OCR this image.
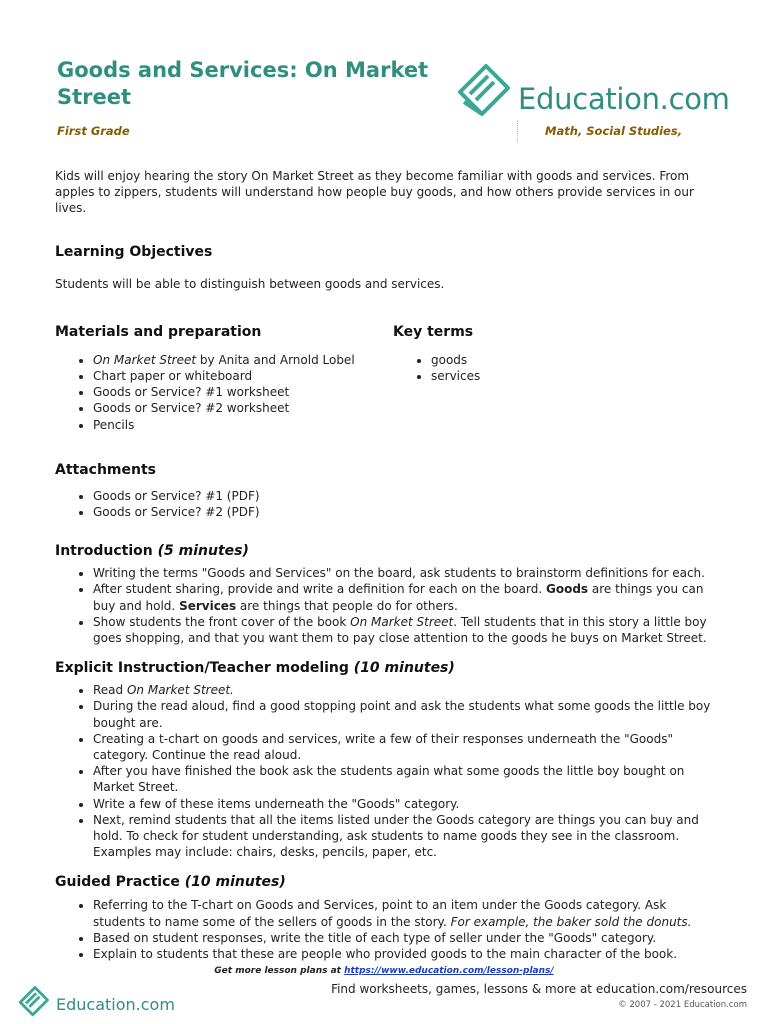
Goods and Services: On Market Street	Education.com
First Grade	Math, Social Studies,

Kids will enjoy hearing the story On Market Street as they become familiar with goods and services. From apples to zippers, students will understand how people buy goods, and how others provide services in our lives.

Learning Objectives

Students will be able to distinguish between goods and services.

Materials and preparation
• On Market Street by Anita and Arnold Lobel
• Chart paper or whiteboard
• Goods or Service? #1 worksheet
• Goods or Service? #2 worksheet
• Pencils
Key terms
• goods
• services
Attachments
• Goods or Service? #1 (PDF)
• Goods or Service? #2 (PDF)
Introduction (5 minutes)
• Writing the terms "Goods and Services" on the board, ask students to brainstorm definitions for each.
• After student sharing, provide and write a definition for each on the board. Goods are things you can buy and hold. Services are things that people do for others.
• Show students the front cover of the book On Market Street. Tell students that in this story a little boy goes shopping, and that you want them to pay close attention to the goods he buys on Market Street.
Explicit Instruction/Teacher modeling (10 minutes)
• Read On Market Street.
• During the read aloud, find a good stopping point and ask the students what some goods the little boy bought are.
• Creating a t-chart on goods and services, write a few of their responses underneath the "Goods" category. Continue the read aloud.
• After you have finished the book ask the students again what some goods the little boy bought on Market Street.
• Write a few of these items underneath the "Goods" category.
• Next, remind students that all the items listed under the Goods category are things you can buy and hold. To check for student understanding, ask students to name goods they see in the classroom. Examples may include: chairs, desks, pencils, paper, etc.
Guided Practice (10 minutes)
• Referring to the T-chart on Goods and Services, point to an item under the Goods category. Ask students to name some of the sellers of goods in the story. For example, the baker sold the donuts.
• Based on student responses, write the title of each type of seller under the "Goods" category.
• Explain to students that these are people who provided goods to the main character of the book.
Get more lesson plans at https://www.education.com/lesson-plans/
Education.com
Find worksheets, games, lessons & more at education.com/resources
© 2007 - 2021 Education.com
